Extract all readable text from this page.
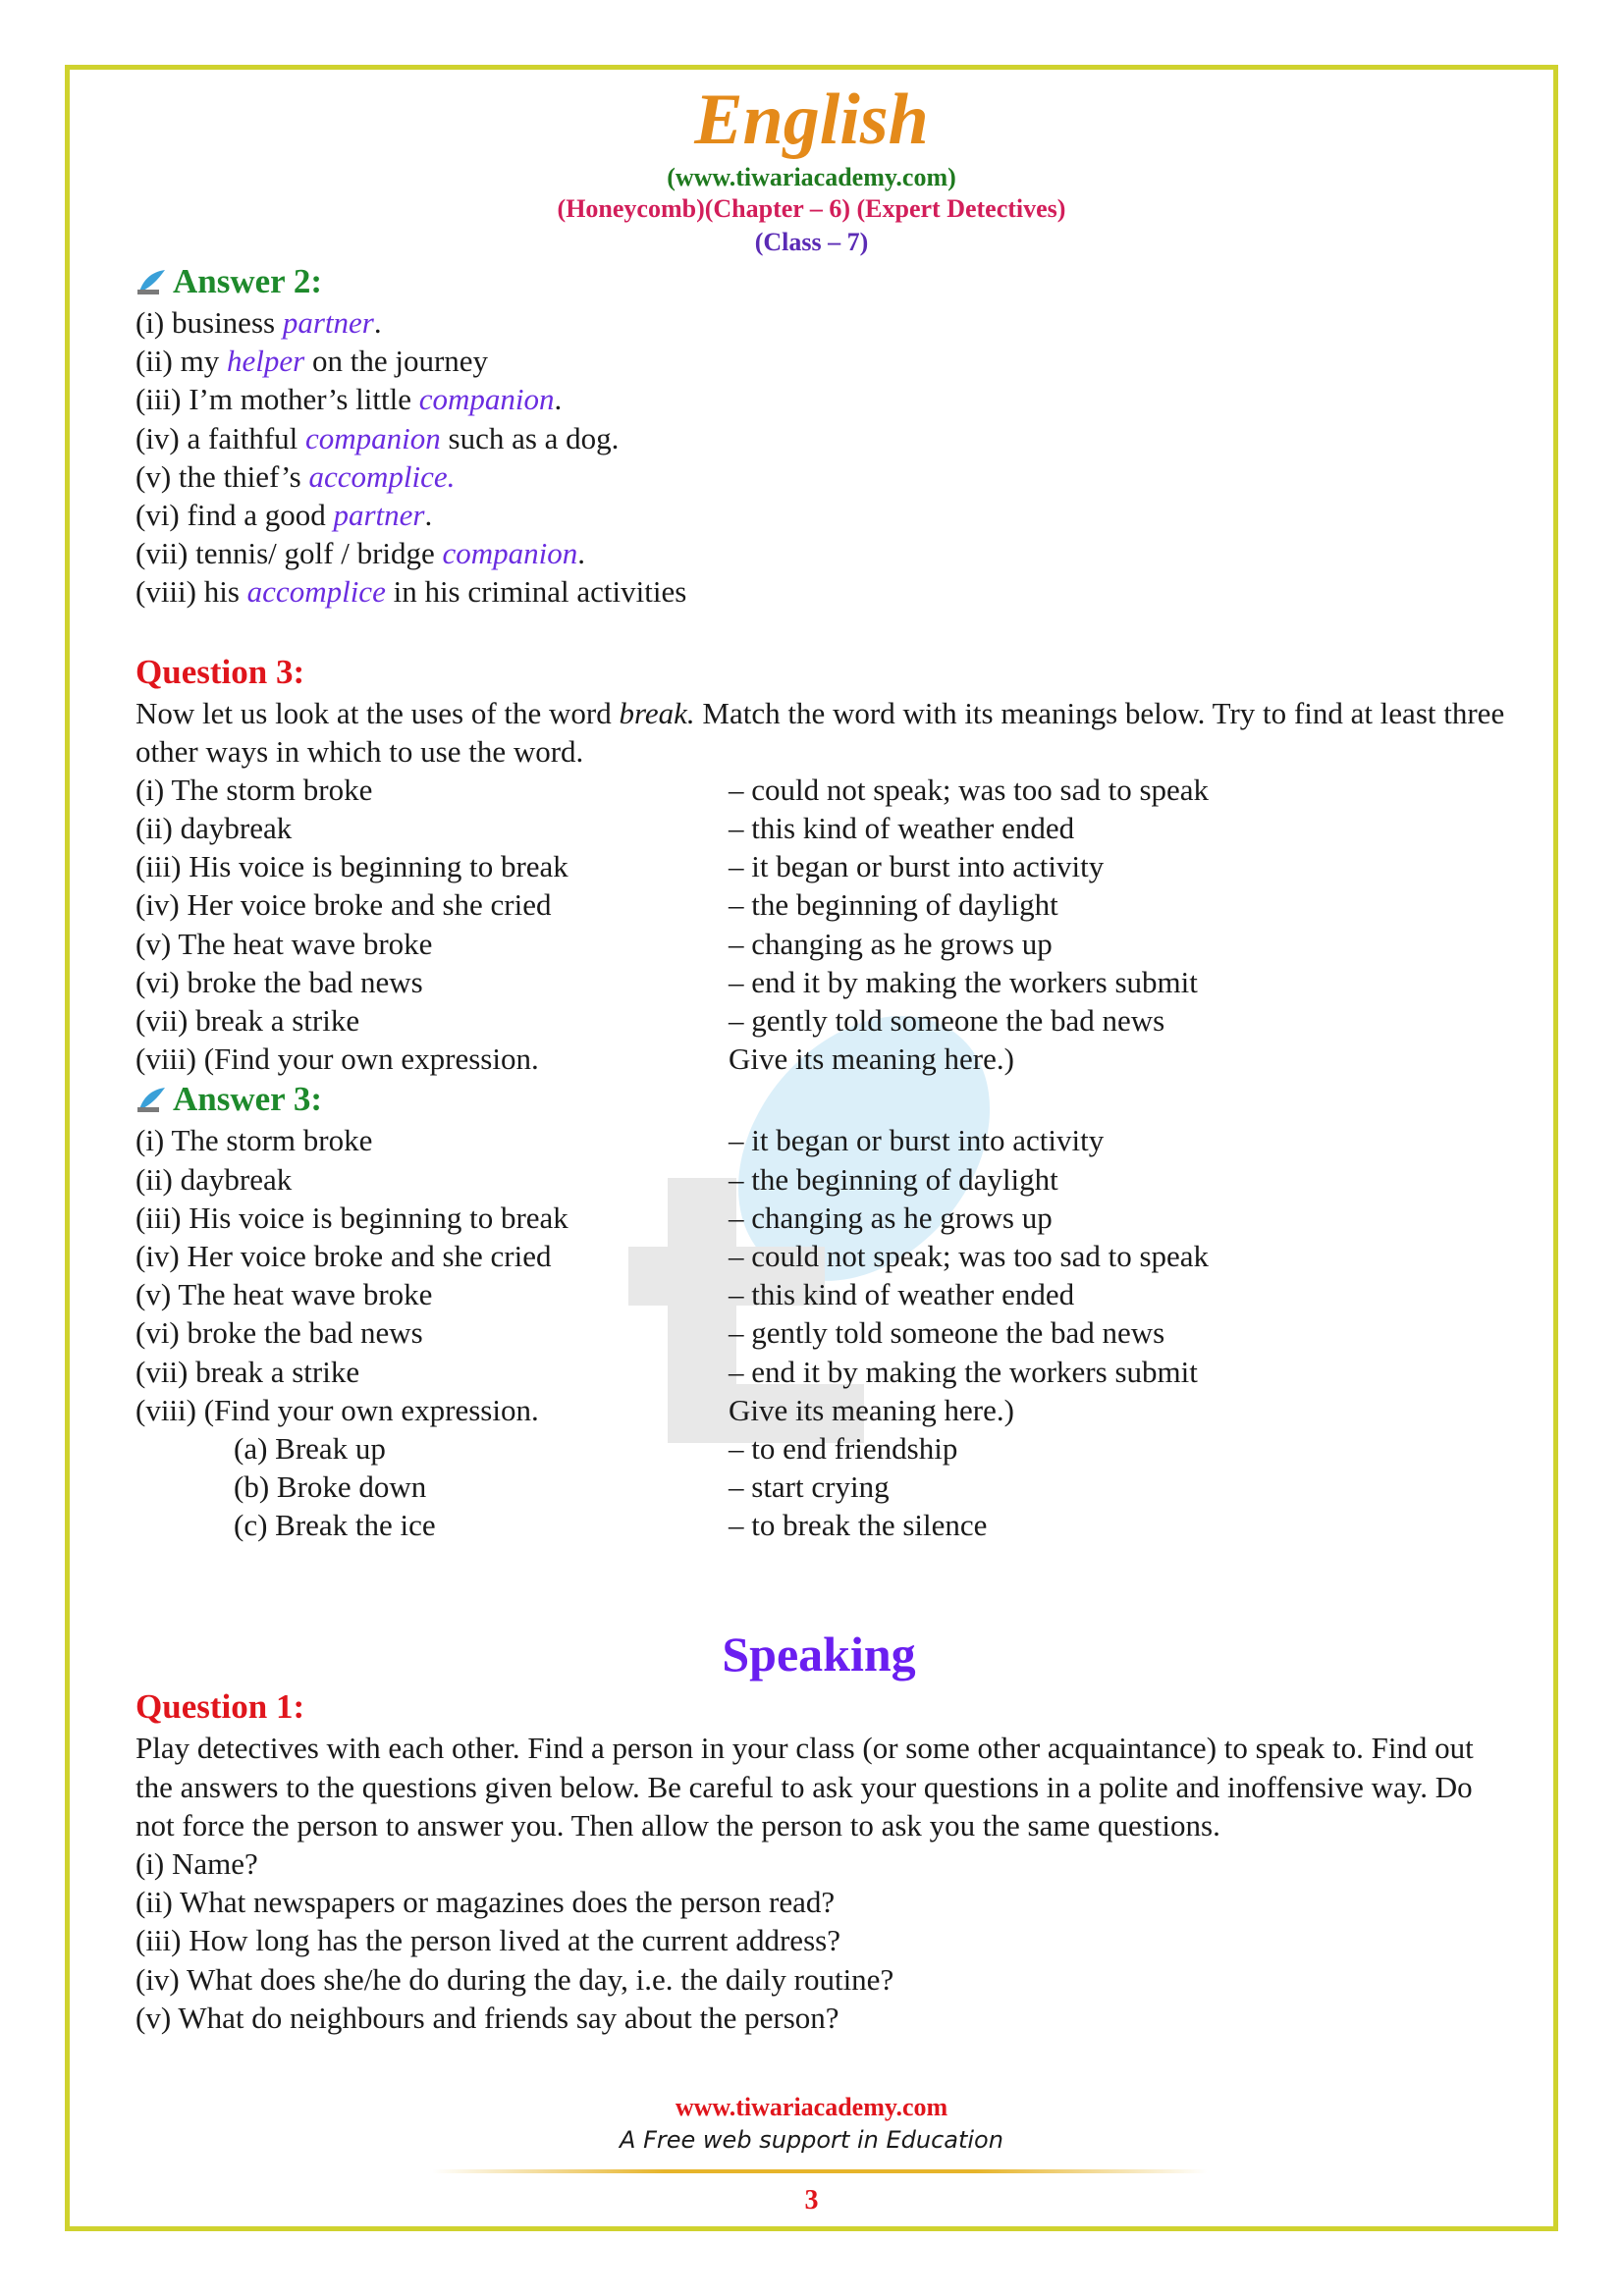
English
(www.tiwariacademy.com)
(Honeycomb)(Chapter – 6) (Expert Detectives)
(Class – 7)
Answer 2:
(i) business partner.
(ii) my helper on the journey
(iii) I’m mother’s little companion.
(iv) a faithful companion such as a dog.
(v) the thief’s accomplice.
(vi) find a good partner.
(vii) tennis/ golf / bridge companion.
(viii) his accomplice in his criminal activities
Question 3:
Now let us look at the uses of the word break. Match the word with its meanings below. Try to find at least three other ways in which to use the word.
(i) The storm broke	– could not speak; was too sad to speak
(ii) daybreak	– this kind of weather ended
(iii) His voice is beginning to break	– it began or burst into activity
(iv) Her voice broke and she cried	– the beginning of daylight
(v) The heat wave broke	– changing as he grows up
(vi) broke the bad news	– end it by making the workers submit
(vii) break a strike	– gently told someone the bad news
(viii) (Find your own expression.	Give its meaning here.)
Answer 3:
(i) The storm broke	– it began or burst into activity
(ii) daybreak	– the beginning of daylight
(iii) His voice is beginning to break	– changing as he grows up
(iv) Her voice broke and she cried	– could not speak; was too sad to speak
(v) The heat wave broke	– this kind of weather ended
(vi) broke the bad news	– gently told someone the bad news
(vii) break a strike	– end it by making the workers submit
(viii) (Find your own expression.	Give its meaning here.)
(a) Break up	– to end friendship
(b) Broke down	– start crying
(c) Break the ice	– to break the silence
Speaking
Question 1:
Play detectives with each other. Find a person in your class (or some other acquaintance) to speak to. Find out the answers to the questions given below. Be careful to ask your questions in a polite and inoffensive way. Do not force the person to answer you. Then allow the person to ask you the same questions.
(i) Name?
(ii) What newspapers or magazines does the person read?
(iii) How long has the person lived at the current address?
(iv) What does she/he do during the day, i.e. the daily routine?
(v) What do neighbours and friends say about the person?
www.tiwariacademy.com
A Free web support in Education
3
